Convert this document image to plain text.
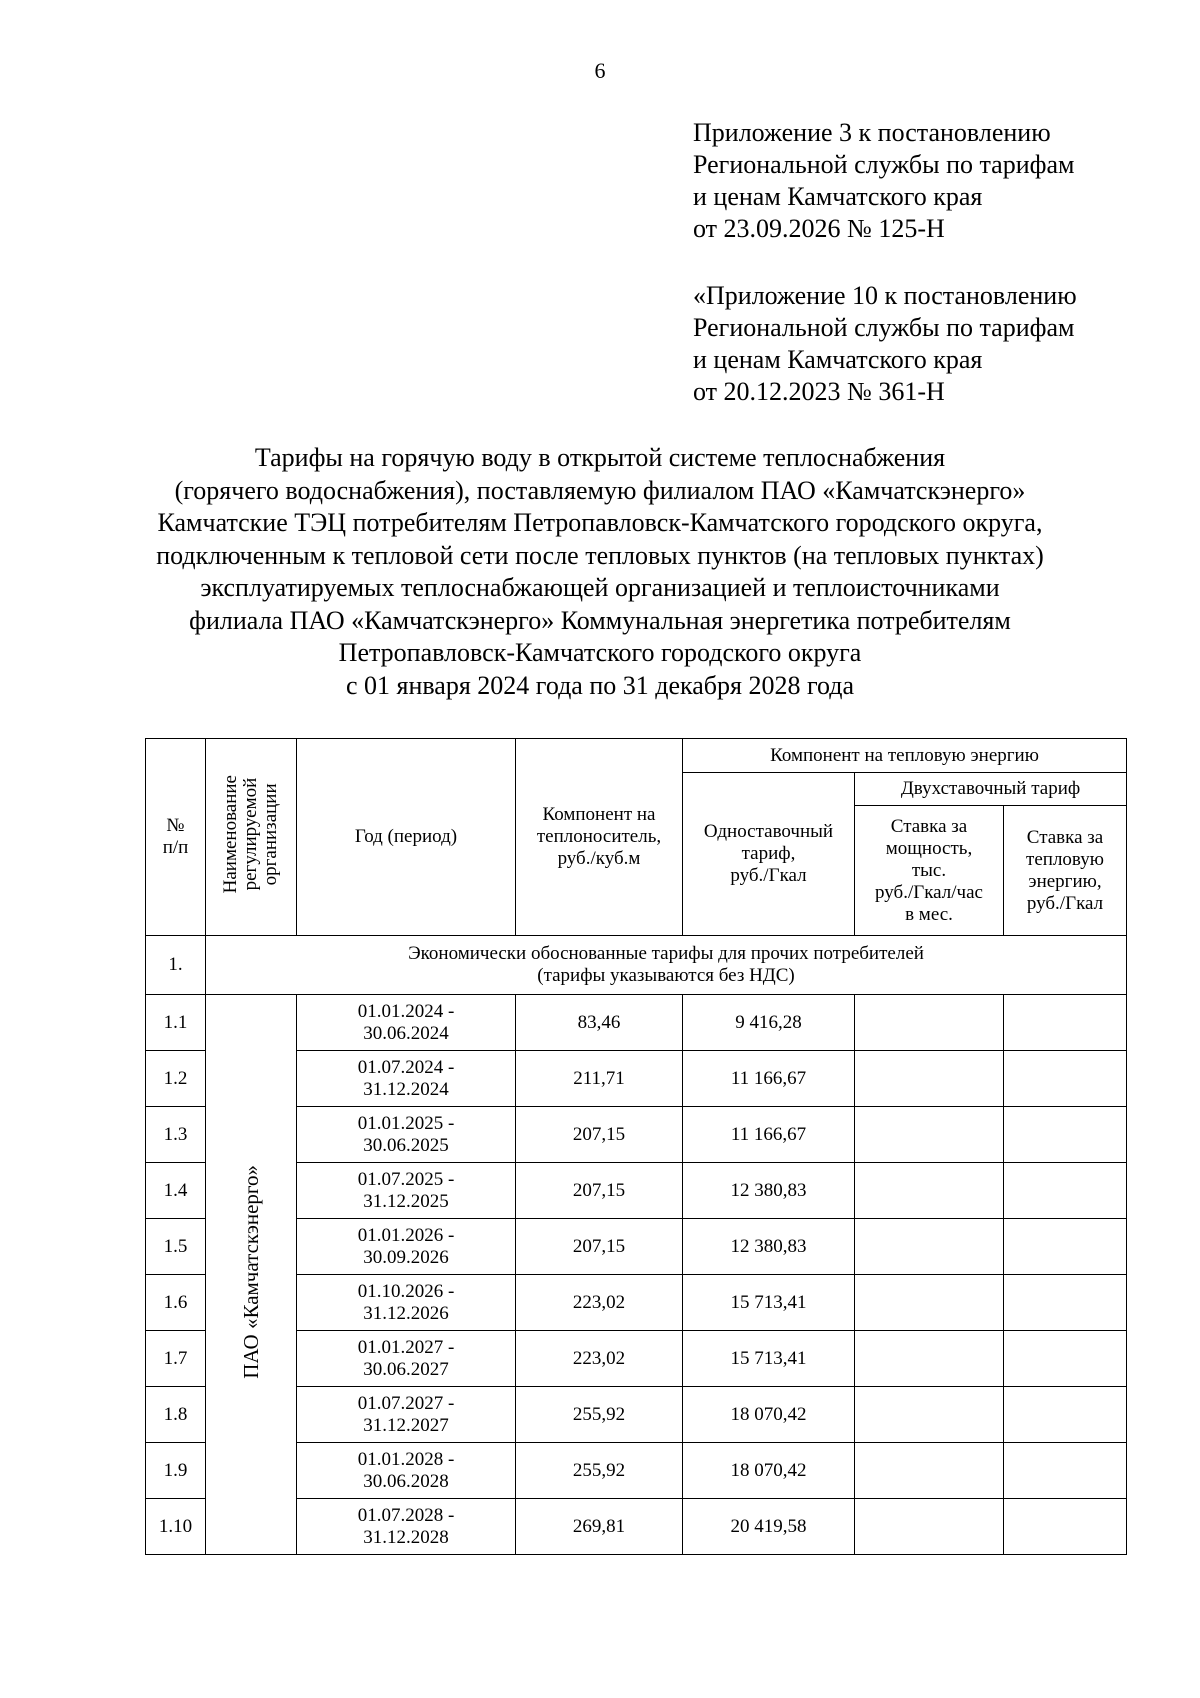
6
Приложение 3 к постановлению
Региональной службы по тарифам
и ценам Камчатского края
от 23.09.2026 № 125-Н
«Приложение 10 к постановлению
Региональной службы по тарифам
и ценам Камчатского края
от 20.12.2023 № 361-Н
Тарифы на горячую воду в открытой системе теплоснабжения
(горячего водоснабжения), поставляемую филиалом ПАО «Камчатскэнерго»
Камчатские ТЭЦ потребителям Петропавловск-Камчатского городского округа,
подключенным к тепловой сети после тепловых пунктов (на тепловых пунктах)
эксплуатируемых теплоснабжающей организацией и теплоисточниками
филиала ПАО «Камчатскэнерго» Коммунальная энергетика потребителям
Петропавловск-Камчатского городского округа
с 01 января 2024 года по 31 декабря 2028 года
№
п/п	Наименование
регулируемой
организации	Год (период)	Компонент на
теплоноситель,
руб./куб.м	Компонент на тепловую энергию		
				Одноставочный
тариф,
руб./Гкал	Двухставочный тариф	
					Ставка за
мощность,
тыс.
руб./Гкал/час
в мес.	Ставка за
тепловую
энергию,
руб./Гкал
1.	Экономически обоснованные тарифы для прочих потребителей
(тарифы указываются без НДС)					
1.1	ПАО «Камчатскэнерго»	01.01.2024 -
30.06.2024	83,46	9 416,28		
1.2		01.07.2024 -
31.12.2024	211,71	11 166,67		
1.3		01.01.2025 -
30.06.2025	207,15	11 166,67		
1.4		01.07.2025 -
31.12.2025	207,15	12 380,83		
1.5		01.01.2026 -
30.09.2026	207,15	12 380,83		
1.6		01.10.2026 -
31.12.2026	223,02	15 713,41		
1.7		01.01.2027 -
30.06.2027	223,02	15 713,41		
1.8		01.07.2027 -
31.12.2027	255,92	18 070,42		
1.9		01.01.2028 -
30.06.2028	255,92	18 070,42		
1.10		01.07.2028 -
31.12.2028	269,81	20 419,58		
